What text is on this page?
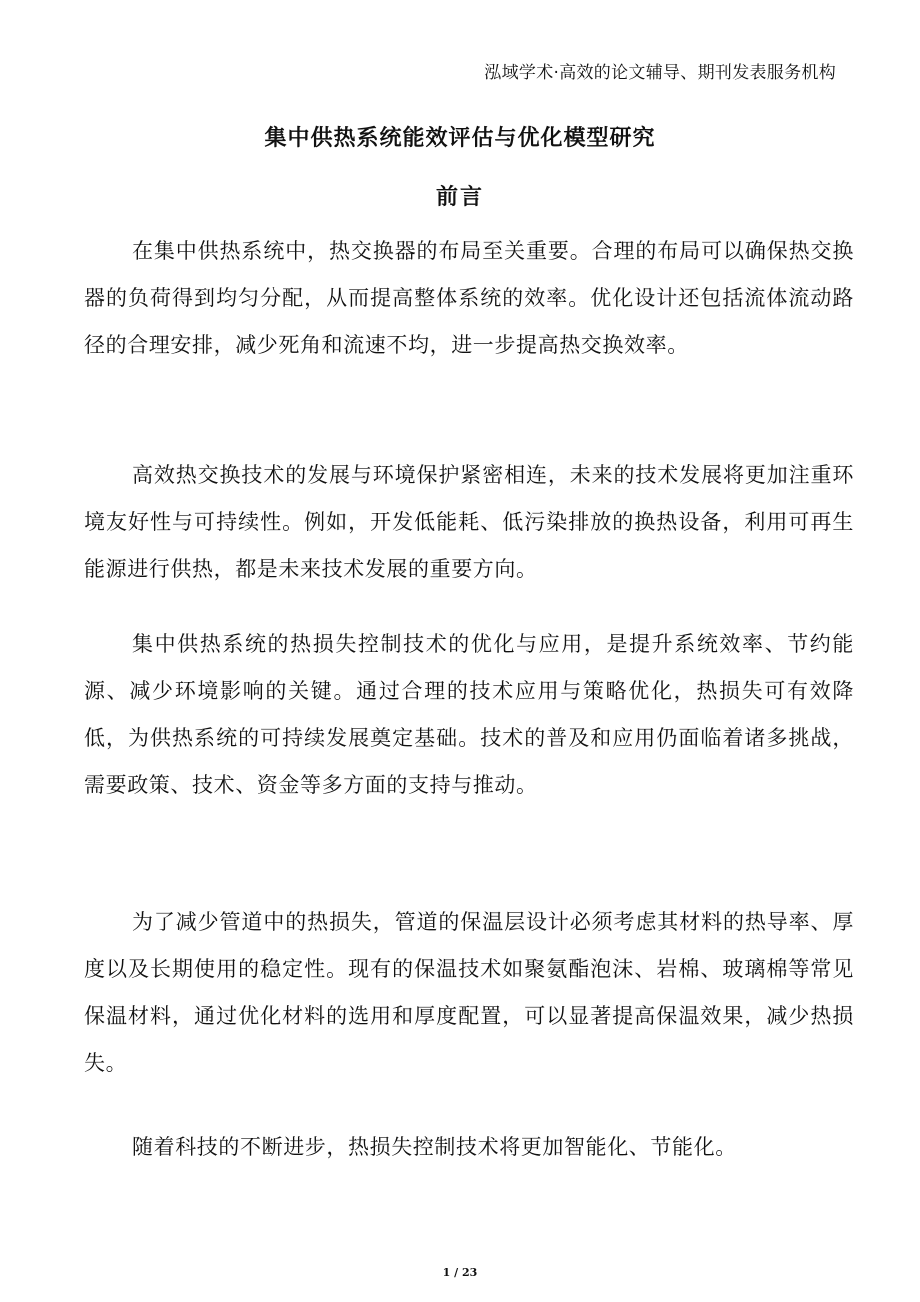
泓域学术·高效的论文辅导、期刊发表服务机构
集中供热系统能效评估与优化模型研究
前言

在集中供热系统中，热交换器的布局至关重要。合理的布局可以确保热交换器的负荷得到均匀分配，从而提高整体系统的效率。优化设计还包括流体流动路径的合理安排，减少死角和流速不均，进一步提高热交换效率。

高效热交换技术的发展与环境保护紧密相连，未来的技术发展将更加注重环境友好性与可持续性。例如，开发低能耗、低污染排放的换热设备，利用可再生能源进行供热，都是未来技术发展的重要方向。

集中供热系统的热损失控制技术的优化与应用，是提升系统效率、节约能源、减少环境影响的关键。通过合理的技术应用与策略优化，热损失可有效降低，为供热系统的可持续发展奠定基础。技术的普及和应用仍面临着诸多挑战，需要政策、技术、资金等多方面的支持与推动。

为了减少管道中的热损失，管道的保温层设计必须考虑其材料的热导率、厚度以及长期使用的稳定性。现有的保温技术如聚氨酯泡沫、岩棉、玻璃棉等常见保温材料，通过优化材料的选用和厚度配置，可以显著提高保温效果，减少热损失。

随着科技的不断进步，热损失控制技术将更加智能化、节能化。

1 / 23
